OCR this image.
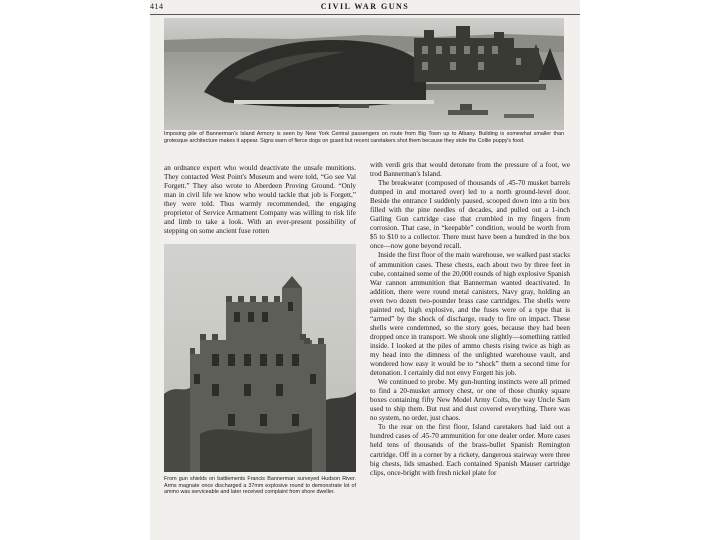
414	CIVIL WAR GUNS
Imposing pile of Bannerman's Island Armory is seen by New York Central passengers on route from Big Town up to Albany. Building is somewhat smaller than grotesque architecture makes it appear. Signs warn of fierce dogs on guard but recent caretakers shot them because they stole the Collie puppy's food.

an ordnance expert who would deactivate the unsafe munitions. They contacted West Point's Museum and were told, “Go see Val Forgett.” They also wrote to Aberdeen Proving Ground. “Only man in civil life we know who would tackle that job is Forgett,” they were told. Thus warmly recommended, the engaging proprietor of Service Armament Company was willing to risk life and limb to take a look. With an ever-present possibility of stepping on some ancient fuse rotten

From gun shields on battlements Francis Bannerman surveyed Hudson River. Arms magnate once discharged a 37mm explosive round to demonstrate lot of ammo was serviceable and later received complaint from shore dweller.

with verdi gris that would detonate from the pressure of a foot, we trod Bannerman's Island.

The breakwater (composed of thousands of .45-70 musket barrels dumped in and mortared over) led to a north ground-level door. Beside the entrance I suddenly paused, scooped down into a tin box filled with the pine needles of decades, and pulled out a 1-inch Gatling Gun cartridge case that crumbled in my fingers from corrosion. That case, in “keepable” condition, would be worth from $5 to $10 to a collector. There must have been a hundred in the box once—now gone beyond recall.

Inside the first floor of the main warehouse, we walked past stacks of ammunition cases. These chests, each about two by three feet in cube, contained some of the 20,000 rounds of high explosive Spanish War cannon ammunition that Bannerman wanted deactivated. In addition, there were round metal canisters, Navy gray, holding an even two dozen two-pounder brass case cartridges. The shells were painted red, high explosive, and the fuses were of a type that is “armed” by the shock of discharge, ready to fire on impact. These shells were condemned, so the story goes, because they had been dropped once in transport. We shook one slightly—something rattled inside. I looked at the piles of ammo chests rising twice as high as my head into the dimness of the unlighted warehouse vault, and wondered how easy it would be to “shock” them a second time for detonation. I certainly did not envy Forgett his job.

We continued to probe. My gun-hunting instincts were all primed to find a 20-musket armory chest, or one of those chunky square boxes containing fifty New Model Army Colts, the way Uncle Sam used to ship them. But rust and dust covered everything. There was no system, no order, just chaos.

To the rear on the first floor, Island caretakers had laid out a hundred cases of .45-70 ammunition for one dealer order. More cases held tens of thousands of the brass-bullet Spanish Remington cartridge. Off in a corner by a rickety, dangerous stairway were three big chests, lids smashed. Each contained Spanish Mauser cartridge clips, once-bright with fresh nickel plate for
